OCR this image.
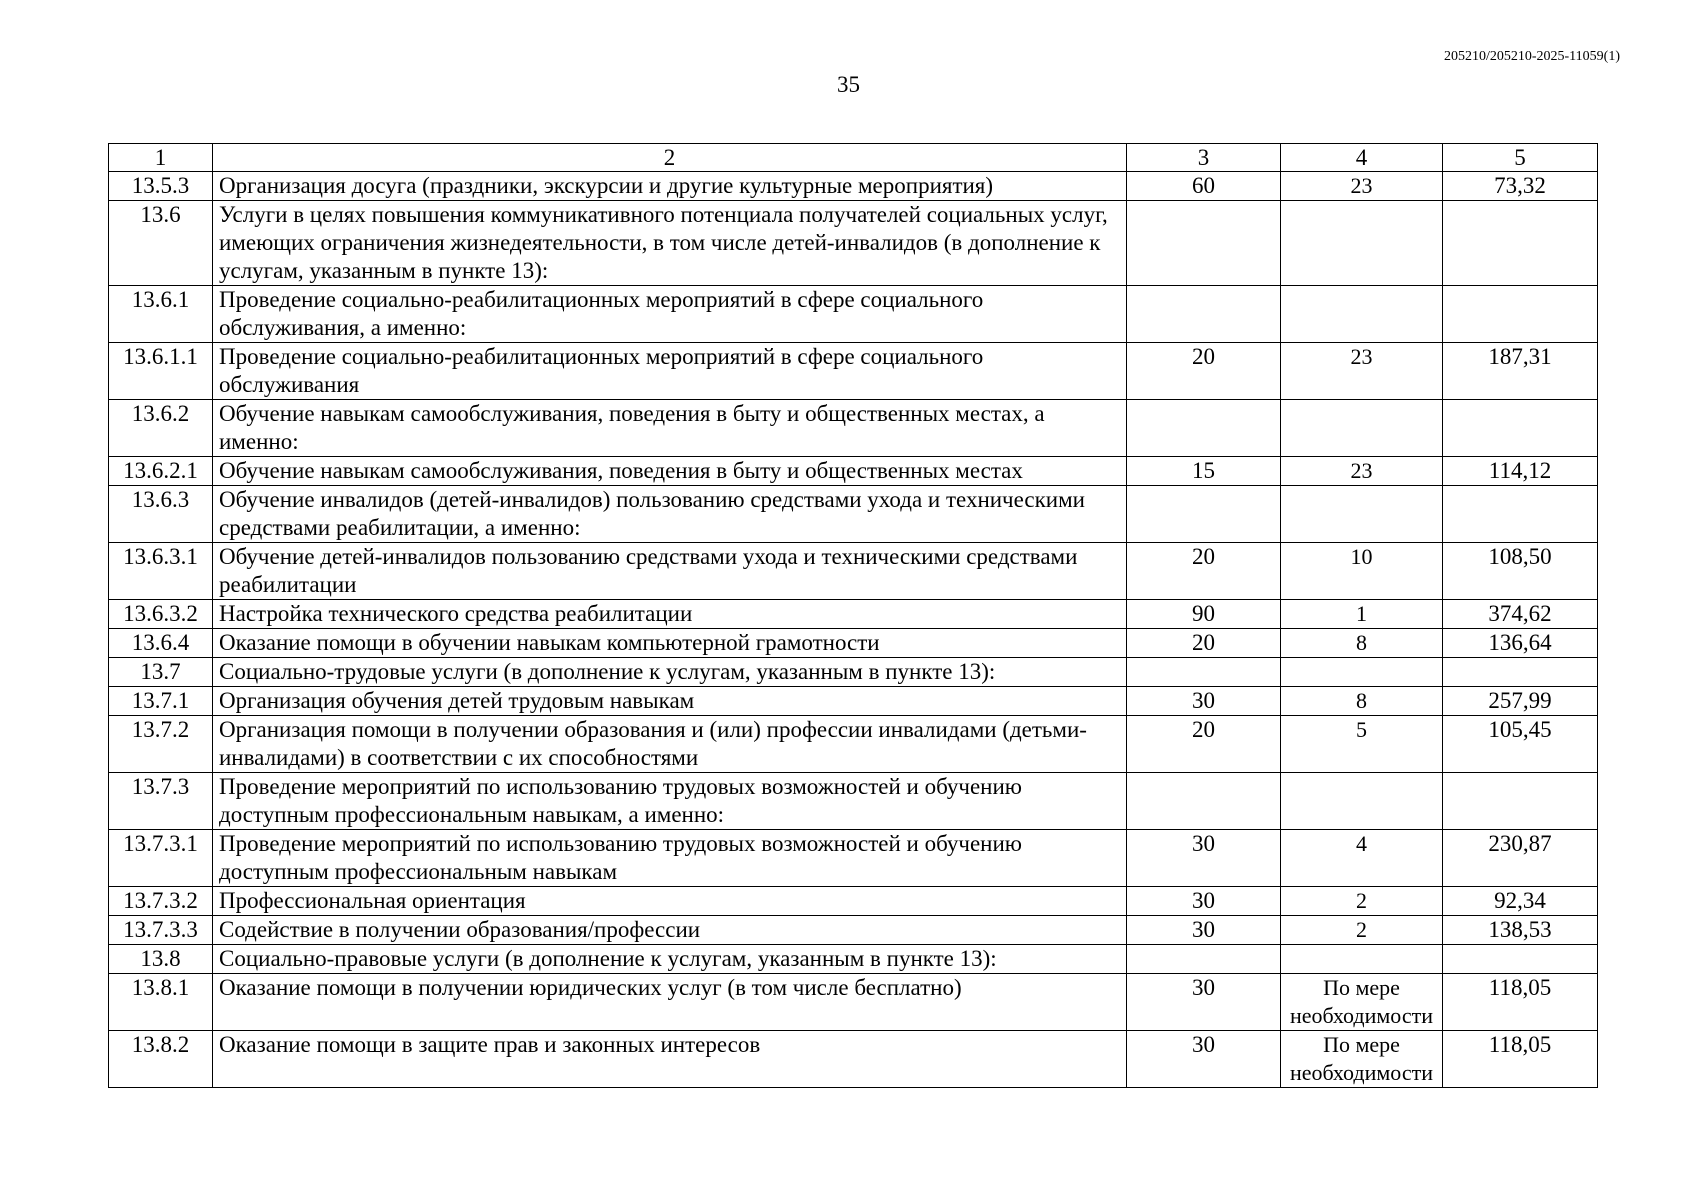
205210/205210-2025-11059(1)
35
1	2	3	4	5
13.5.3	Организация досуга (праздники, экскурсии и другие культурные мероприятия)	60	23	73,32
13.6	Услуги в целях повышения коммуникативного потенциала получателей социальных услуг, имеющих ограничения жизнедеятельности, в том числе детей-инвалидов (в дополнение к услугам, указанным в пункте 13):			
13.6.1	Проведение социально-реабилитационных мероприятий в сфере социального обслуживания, а именно:			
13.6.1.1	Проведение социально-реабилитационных мероприятий в сфере социального обслуживания	20	23	187,31
13.6.2	Обучение навыкам самообслуживания, поведения в быту и общественных местах, а именно:			
13.6.2.1	Обучение навыкам самообслуживания, поведения в быту и общественных местах	15	23	114,12
13.6.3	Обучение инвалидов (детей-инвалидов) пользованию средствами ухода и техническими средствами реабилитации, а именно:			
13.6.3.1	Обучение детей-инвалидов пользованию средствами ухода и техническими средствами реабилитации	20	10	108,50
13.6.3.2	Настройка технического средства реабилитации	90	1	374,62
13.6.4	Оказание помощи в обучении навыкам компьютерной грамотности	20	8	136,64
13.7	Социально-трудовые услуги (в дополнение к услугам, указанным в пункте 13):			
13.7.1	Организация обучения детей трудовым навыкам	30	8	257,99
13.7.2	Организация помощи в получении образования и (или) профессии инвалидами (детьми-инвалидами) в соответствии с их способностями	20	5	105,45
13.7.3	Проведение мероприятий по использованию трудовых возможностей и обучению доступным профессиональным навыкам, а именно:			
13.7.3.1	Проведение мероприятий по использованию трудовых возможностей и обучению доступным профессиональным навыкам	30	4	230,87
13.7.3.2	Профессиональная ориентация	30	2	92,34
13.7.3.3	Содействие в получении образования/профессии	30	2	138,53
13.8	Социально-правовые услуги (в дополнение к услугам, указанным в пункте 13):			
13.8.1	Оказание помощи в получении юридических услуг (в том числе бесплатно)	30	По мере необходимости	118,05
13.8.2	Оказание помощи в защите прав и законных интересов	30	По мере необходимости	118,05
